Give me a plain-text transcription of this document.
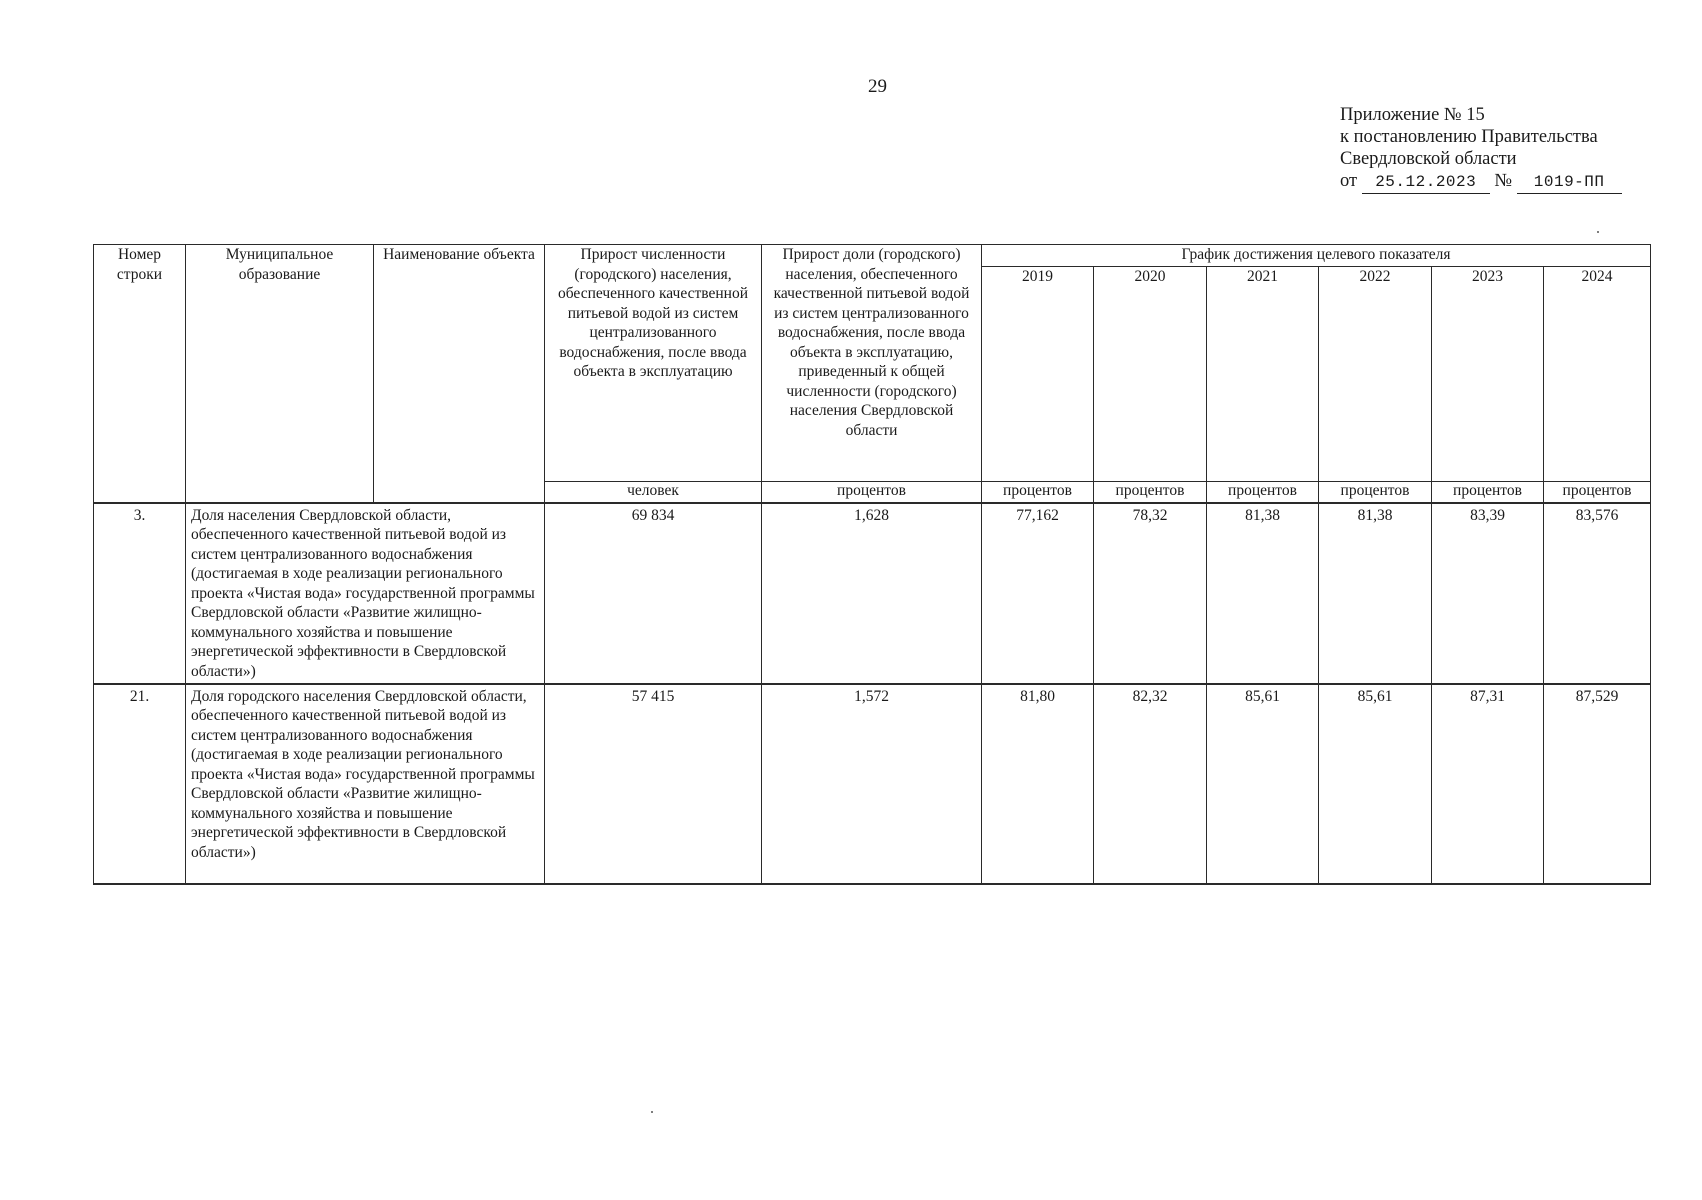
29
Приложение № 15
к постановлению Правительства
Свердловской области
от 25.12.2023 № 1019-ПП
Номер строки	Муниципальное образование	Наименование объекта	Прирост численности (городского) населения, обеспеченного качественной питьевой водой из систем централизованного водоснабжения, после ввода объекта в эксплуатацию	Прирост доли (городского) населения, обеспеченного качественной питьевой водой из систем централизованного водоснабжения, после ввода объекта в эксплуатацию, приведенный к общей численности (городского) населения Свердловской области	График достижения целевого показателя					
					2019	2020	2021	2022	2023	2024
			человек	процентов	процентов	процентов	процентов	процентов	процентов	процентов
3.	Доля населения Свердловской области, обеспеченного качественной питьевой водой из систем централизованного водоснабжения (достигаемая в ходе реализации регионального проекта «Чистая вода» государственной программы Свердловской области «Развитие жилищно-коммунального хозяйства и повышение энергетической эффективности в Свердловской области»)		69 834	1,628	77,162	78,32	81,38	81,38	83,39	83,576
21.	Доля городского населения Свердловской области, обеспеченного качественной питьевой водой из систем централизованного водоснабжения (достигаемая в ходе реализации регионального проекта «Чистая вода» государственной программы Свердловской области «Развитие жилищно-коммунального хозяйства и повышение энергетической эффективности в Свердловской области»)		57 415	1,572	81,80	82,32	85,61	85,61	87,31	87,529
